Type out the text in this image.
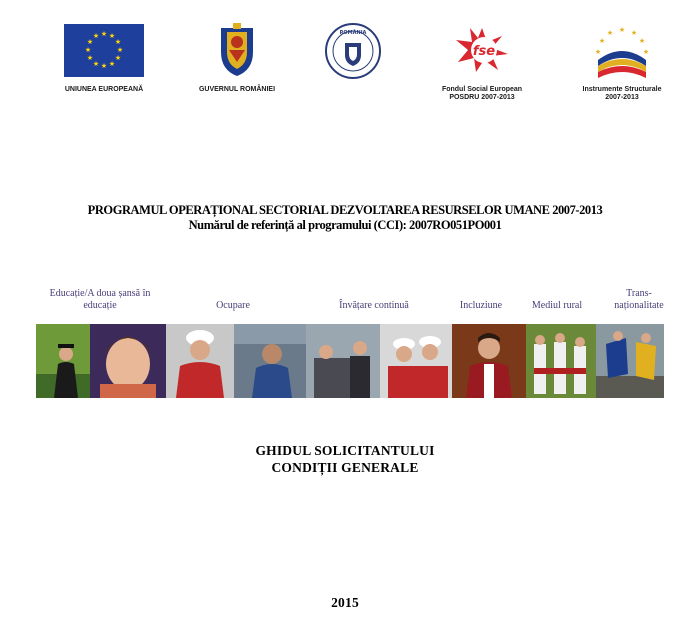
★ ★
★
★
★
★
★
★
★
★
★
★
UNIUNEA EUROPEANĂ	GUVERNUL ROMÂNIEI
ROMÂNIA
fse
Fondul Social European
POSDRU 2007-2013
★ ★
★
★
★
★
★
Instrumente Structurale
2007-2013
PROGRAMUL OPERAȚIONAL SECTORIAL DEZVOLTAREA RESURSELOR UMANE 2007-2013
Numărul de referință al programului (CCI): 2007RO051PO001
Educație/A doua șansă în
educație	Ocupare	Învățare continuă	Incluziune	Mediul rural
Trans-
naționalitate
GHIDUL SOLICITANTULUI
CONDIȚII GENERALE
2015
